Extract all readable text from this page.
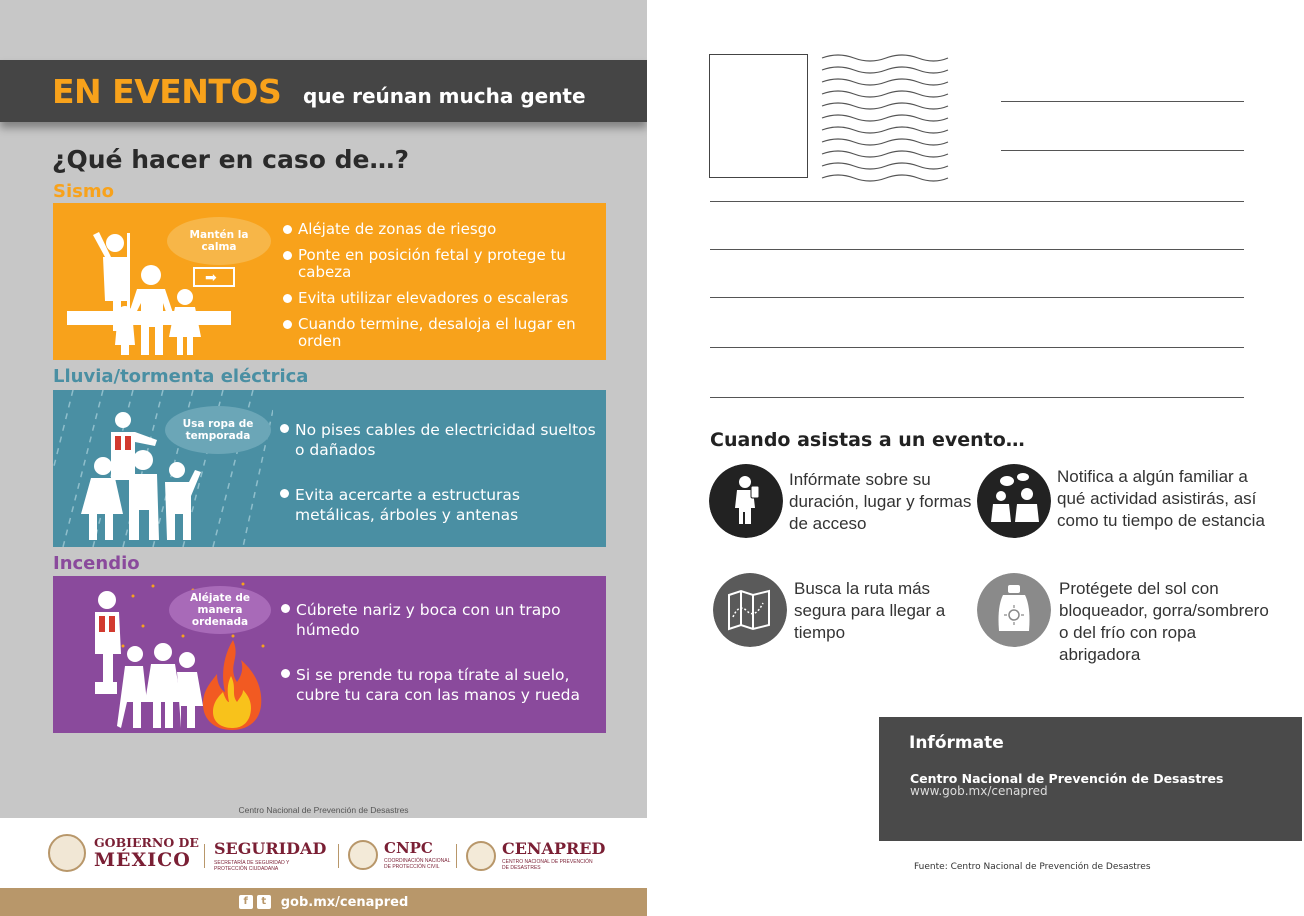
EN EVENTOS que reúnan mucha gente
¿Qué hacer en caso de…?
Sismo
➡
Mantén la calma
Aléjate de zonas de riesgo
Ponte en posición fetal y protege tu cabeza
Evita utilizar elevadores o escaleras
Cuando termine, desaloja el lugar en orden
Lluvia/tormenta eléctrica
Usa ropa de temporada	No pises cables de electricidad sueltos o dañados
Evita acercarte a estructuras metálicas, árboles y antenas
Incendio
Aléjate de manera ordenada
Cúbrete nariz y boca con un trapo húmedo
Si se prende tu ropa tírate al suelo, cubre tu cara con las manos y rueda
Centro Nacional de Prevención de Desastres
GOBIERNO DE
MÉXICO
SEGURIDAD
SECRETARÍA DE SEGURIDAD Y PROTECCIÓN CIUDADANA
CNPC
COORDINACIÓN NACIONAL DE PROTECCIÓN CIVIL
CENAPRED
CENTRO NACIONAL DE PREVENCIÓN DE DESASTRES
f	t	gob.mx/cenapred
Cuando asistas a un evento…
Infórmate sobre su duración, lugar y formas de acceso
Notifica a algún familiar a qué actividad asistirás, así como tu tiempo de estancia
Busca la ruta más segura para llegar a tiempo
Protégete del sol con bloqueador, gorra/sombrero o del frío con ropa abrigadora
Infórmate
Centro Nacional de Prevención de Desastres
www.gob.mx/cenapred
Fuente: Centro Nacional de Prevención de Desastres
